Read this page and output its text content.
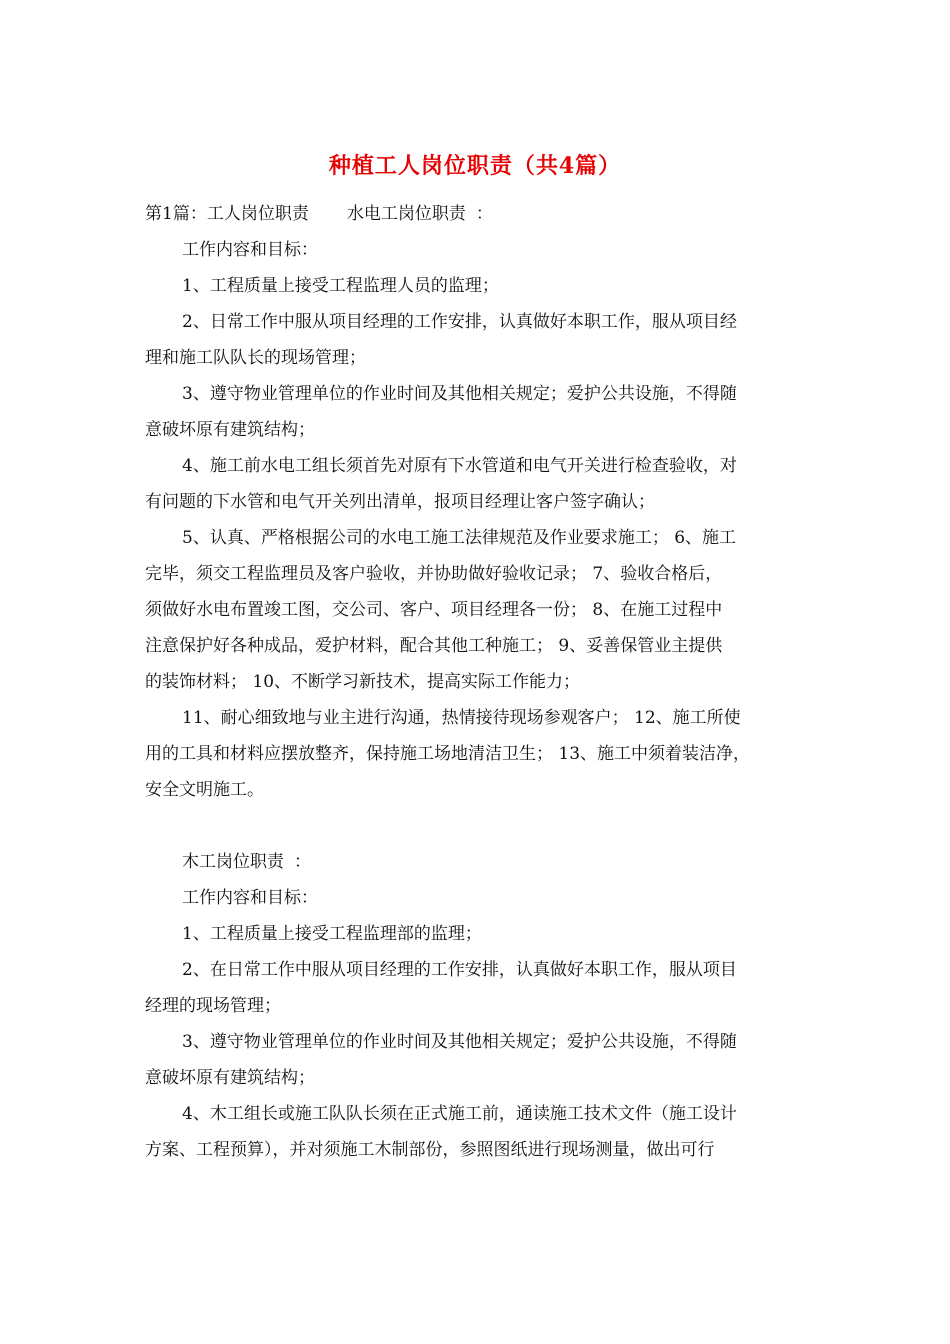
种植工人岗位职责（共4篇）
第1篇：工人岗位职责 水电工岗位职责 ：
工作内容和目标：
1、工程质量上接受工程监理人员的监理；
2、日常工作中服从项目经理的工作安排，认真做好本职工作，服从项目经
理和施工队队长的现场管理；
3、遵守物业管理单位的作业时间及其他相关规定；爱护公共设施，不得随
意破坏原有建筑结构；
4、施工前水电工组长须首先对原有下水管道和电气开关进行检查验收，对
有问题的下水管和电气开关列出清单，报项目经理让客户签字确认；
5、认真、严格根据公司的水电工施工法律规范及作业要求施工； 6、施工
完毕，须交工程监理员及客户验收，并协助做好验收记录； 7、验收合格后，
须做好水电布置竣工图，交公司、客户、项目经理各一份； 8、在施工过程中
注意保护好各种成品，爱护材料，配合其他工种施工； 9、妥善保管业主提供
的装饰材料； 10、不断学习新技术，提高实际工作能力；
11、耐心细致地与业主进行沟通，热情接待现场参观客户； 12、施工所使
用的工具和材料应摆放整齐，保持施工场地清洁卫生； 13、施工中须着装洁净，
安全文明施工。
木工岗位职责 ：
工作内容和目标：
1、工程质量上接受工程监理部的监理；
2、在日常工作中服从项目经理的工作安排，认真做好本职工作，服从项目
经理的现场管理；
3、遵守物业管理单位的作业时间及其他相关规定；爱护公共设施，不得随
意破坏原有建筑结构；
4、木工组长或施工队队长须在正式施工前，通读施工技术文件（施工设计
方案、工程预算），并对须施工木制部份，参照图纸进行现场测量，做出可行
